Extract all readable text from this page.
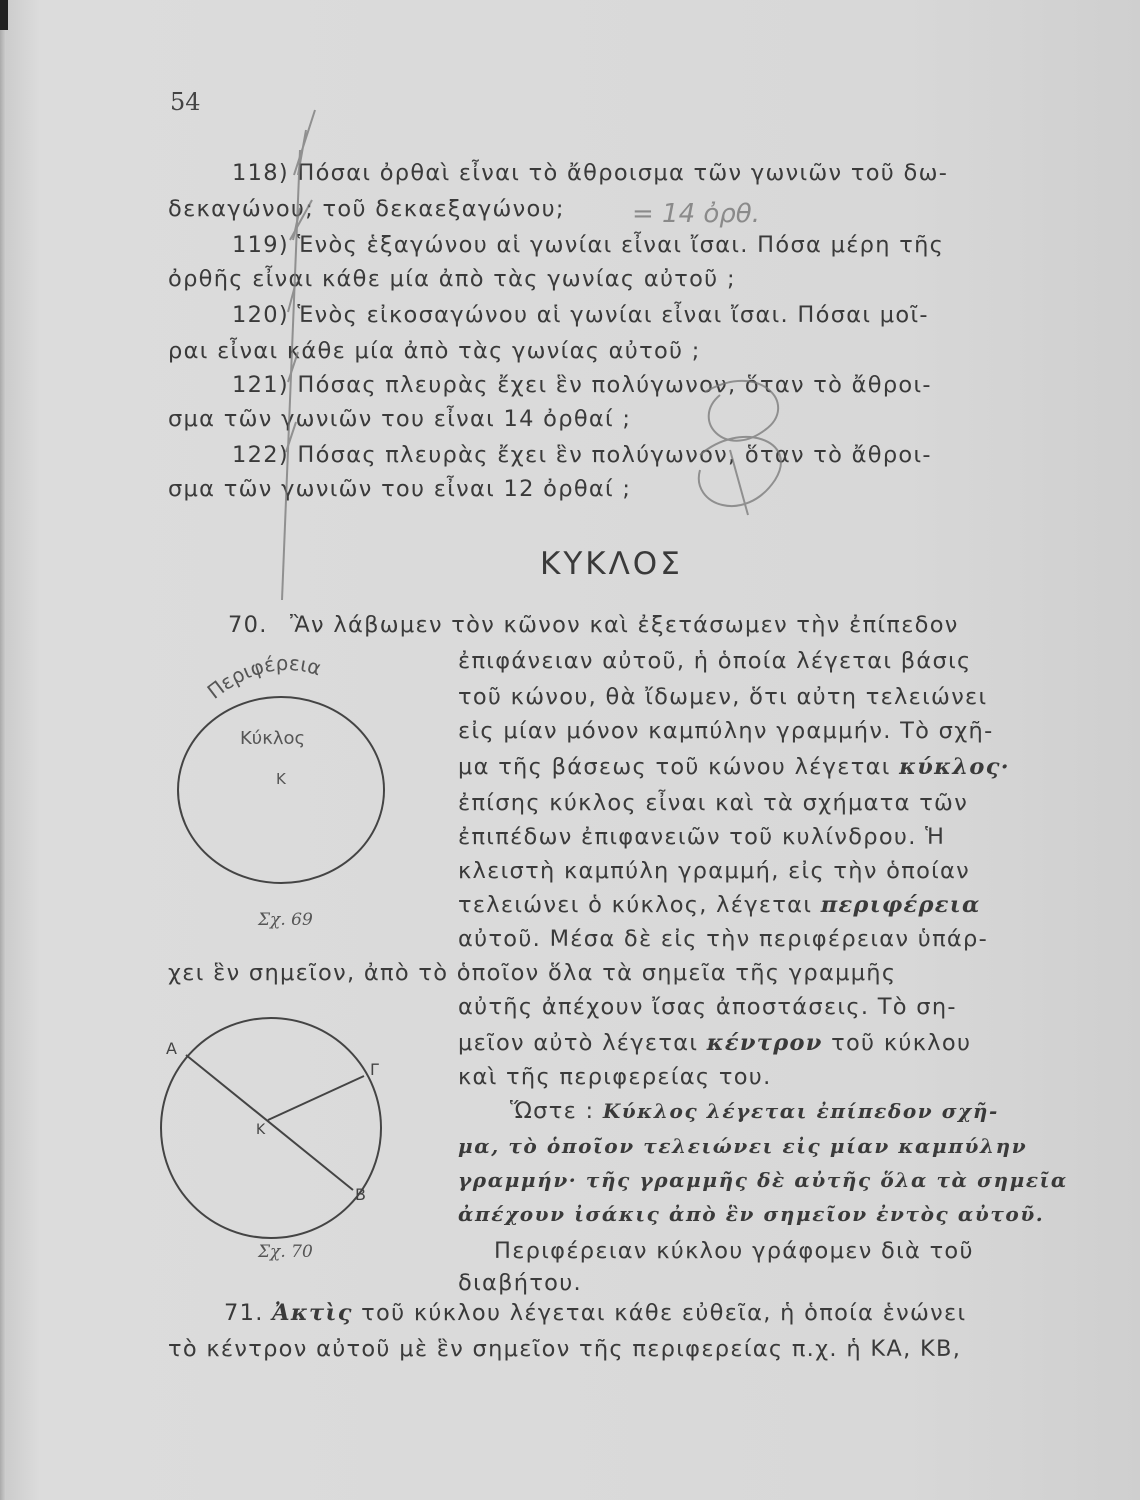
54
118) Πόσαι ὀρθαὶ εἶναι τὸ ἄθροισμα τῶν γωνιῶν τοῦ δω-
δεκαγώνου; τοῦ δεκαεξαγώνου;
119) Ἑνὸς ἑξαγώνου αἱ γωνίαι εἶναι ἴσαι. Πόσα μέρη τῆς
ὀρθῆς εἶναι κάθε μία ἀπὸ τὰς γωνίας αὐτοῦ ;
120) Ἑνὸς εἰκοσαγώνου αἱ γωνίαι εἶναι ἴσαι. Πόσαι μοῖ-
ραι εἶναι κάθε μία ἀπὸ τὰς γωνίας αὐτοῦ ;
121) Πόσας πλευρὰς ἔχει ἓν πολύγωνον, ὅταν τὸ ἄθροι-
σμα τῶν γωνιῶν του εἶναι 14 ὀρθαί ;
122) Πόσας πλευρὰς ἔχει ἓν πολύγωνον, ὅταν τὸ ἄθροι-
σμα τῶν γωνιῶν του εἶναι 12 ὀρθαί ;
ΚΥΚΛΟΣ
70. Ἂν λάβωμεν τὸν κῶνον καὶ ἐξετάσωμεν τὴν ἐπίπεδον
ἐπιφάνειαν αὐτοῦ, ἡ ὁποία λέγεται βάσις
τοῦ κώνου, θὰ ἴδωμεν, ὅτι αὐτη τελειώνει
εἰς μίαν μόνον καμπύλην γραμμήν. Τὸ σχῆ-
μα τῆς βάσεως τοῦ κώνου λέγεται κύκλος·
ἐπίσης κύκλος εἶναι καὶ τὰ σχήματα τῶν
ἐπιπέδων ἐπιφανειῶν τοῦ κυλίνδρου. Ἡ
κλειστὴ καμπύλη γραμμή, εἰς τὴν ὁποίαν
τελειώνει ὁ κύκλος, λέγεται περιφέρεια
αὐτοῦ. Μέσα δὲ εἰς τὴν περιφέρειαν ὑπάρ-
χει ἓν σημεῖον, ἀπὸ τὸ ὁποῖον ὅλα τὰ σημεῖα τῆς γραμμῆς
αὐτῆς ἀπέχουν ἴσας ἀποστάσεις. Τὸ ση-
μεῖον αὐτὸ λέγεται κέντρον τοῦ κύκλου
καὶ τῆς περιφερείας του.
Ὥστε : Κύκλος λέγεται ἐπίπεδον σχῆ-
μα, τὸ ὁποῖον τελειώνει εἰς μίαν καμπύλην
γραμμήν· τῆς γραμμῆς δὲ αὐτῆς ὅλα τὰ σημεῖα
ἀπέχουν ἰσάκις ἀπὸ ἓν σημεῖον ἐντὸς αὐτοῦ.
Περιφέρειαν κύκλου γράφομεν διὰ τοῦ
διαβήτου.
71. Ἀκτὶς τοῦ κύκλου λέγεται κάθε εὐθεῖα, ἡ ὁποία ἑνώνει
τὸ κέντρον αὐτοῦ μὲ ἓν σημεῖον τῆς περιφερείας π.χ. ἡ ΚΑ, ΚΒ,
Σχ. 69
Σχ. 70
Περιφέρεια
Κύκλος
Κ
Α
Β
Γ
Κ
= 14 ὀρθ.
